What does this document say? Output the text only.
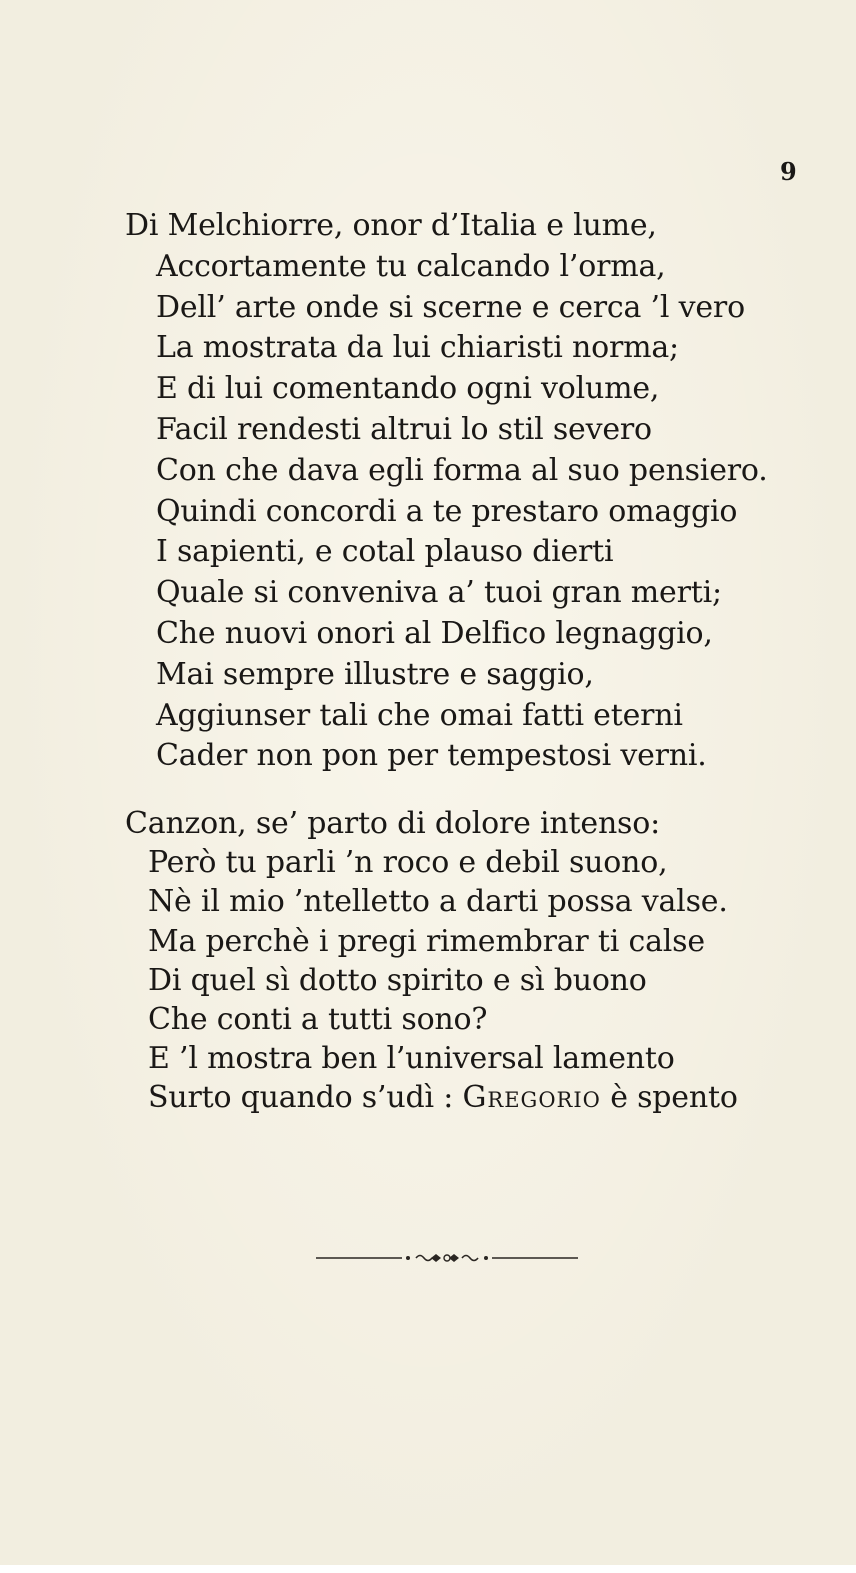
9
Di Melchiorre, onor d’Italia e lume,
Accortamente tu calcando l’orma,
Dell’ arte onde si scerne e cerca ’l vero
La mostrata da lui chiaristi norma;
E di lui comentando ogni volume,
Facil rendesti altrui lo stil severo
Con che dava egli forma al suo pensiero.
Quindi concordi a te prestaro omaggio
I sapienti, e cotal plauso dierti
Quale si conveniva a’ tuoi gran merti;
Che nuovi onori al Delfico legnaggio,
Mai sempre illustre e saggio,
Aggiunser tali che omai fatti eterni
Cader non pon per tempestosi verni.
Canzon, se’ parto di dolore intenso:
Però tu parli ’n roco e debil suono,
Nè il mio ’ntelletto a darti possa valse.
Ma perchè i pregi rimembrar ti calse
Di quel sì dotto spirito e sì buono
Che conti a tutti sono?
E ’l mostra ben l’universal lamento
Surto quando s’udì : Gregorio è spento
